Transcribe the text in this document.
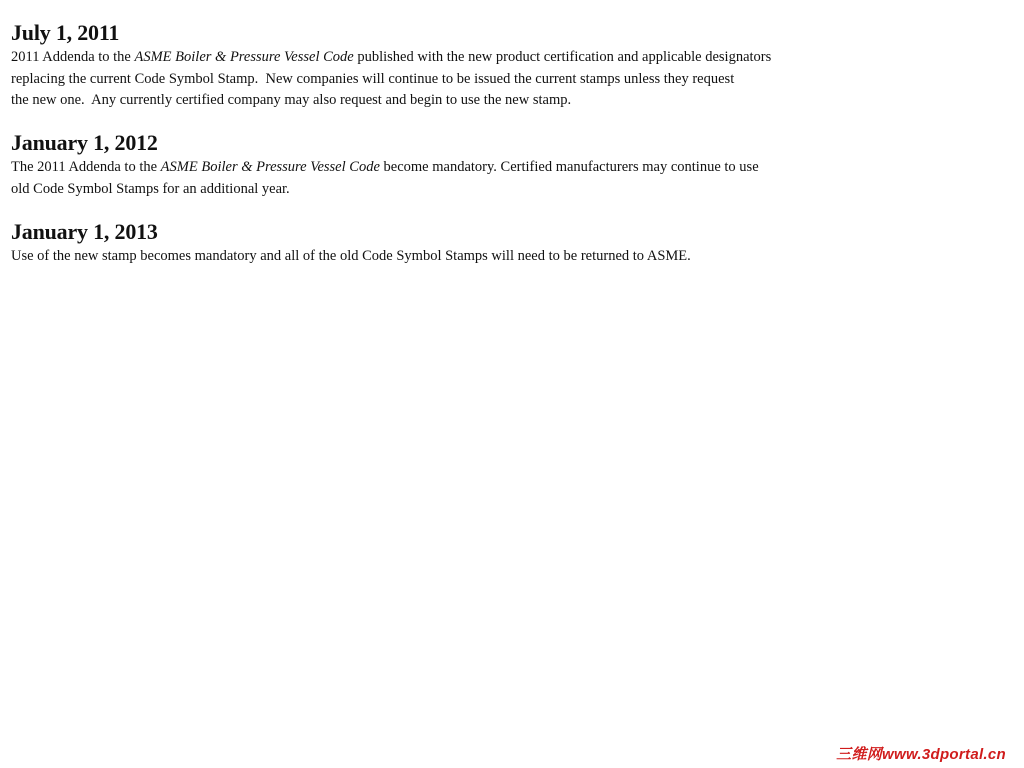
July 1, 2011

2011 Addenda to the ASME Boiler & Pressure Vessel Code published with the new product certification and applicable designators
replacing the current Code Symbol Stamp.  New companies will continue to be issued the current stamps unless they request
the new one.  Any currently certified company may also request and begin to use the new stamp.

January 1, 2012

The 2011 Addenda to the ASME Boiler & Pressure Vessel Code become mandatory. Certified manufacturers may continue to use
old Code Symbol Stamps for an additional year.

January 1, 2013

Use of the new stamp becomes mandatory and all of the old Code Symbol Stamps will need to be returned to ASME.

三维网www.3dportal.cn
